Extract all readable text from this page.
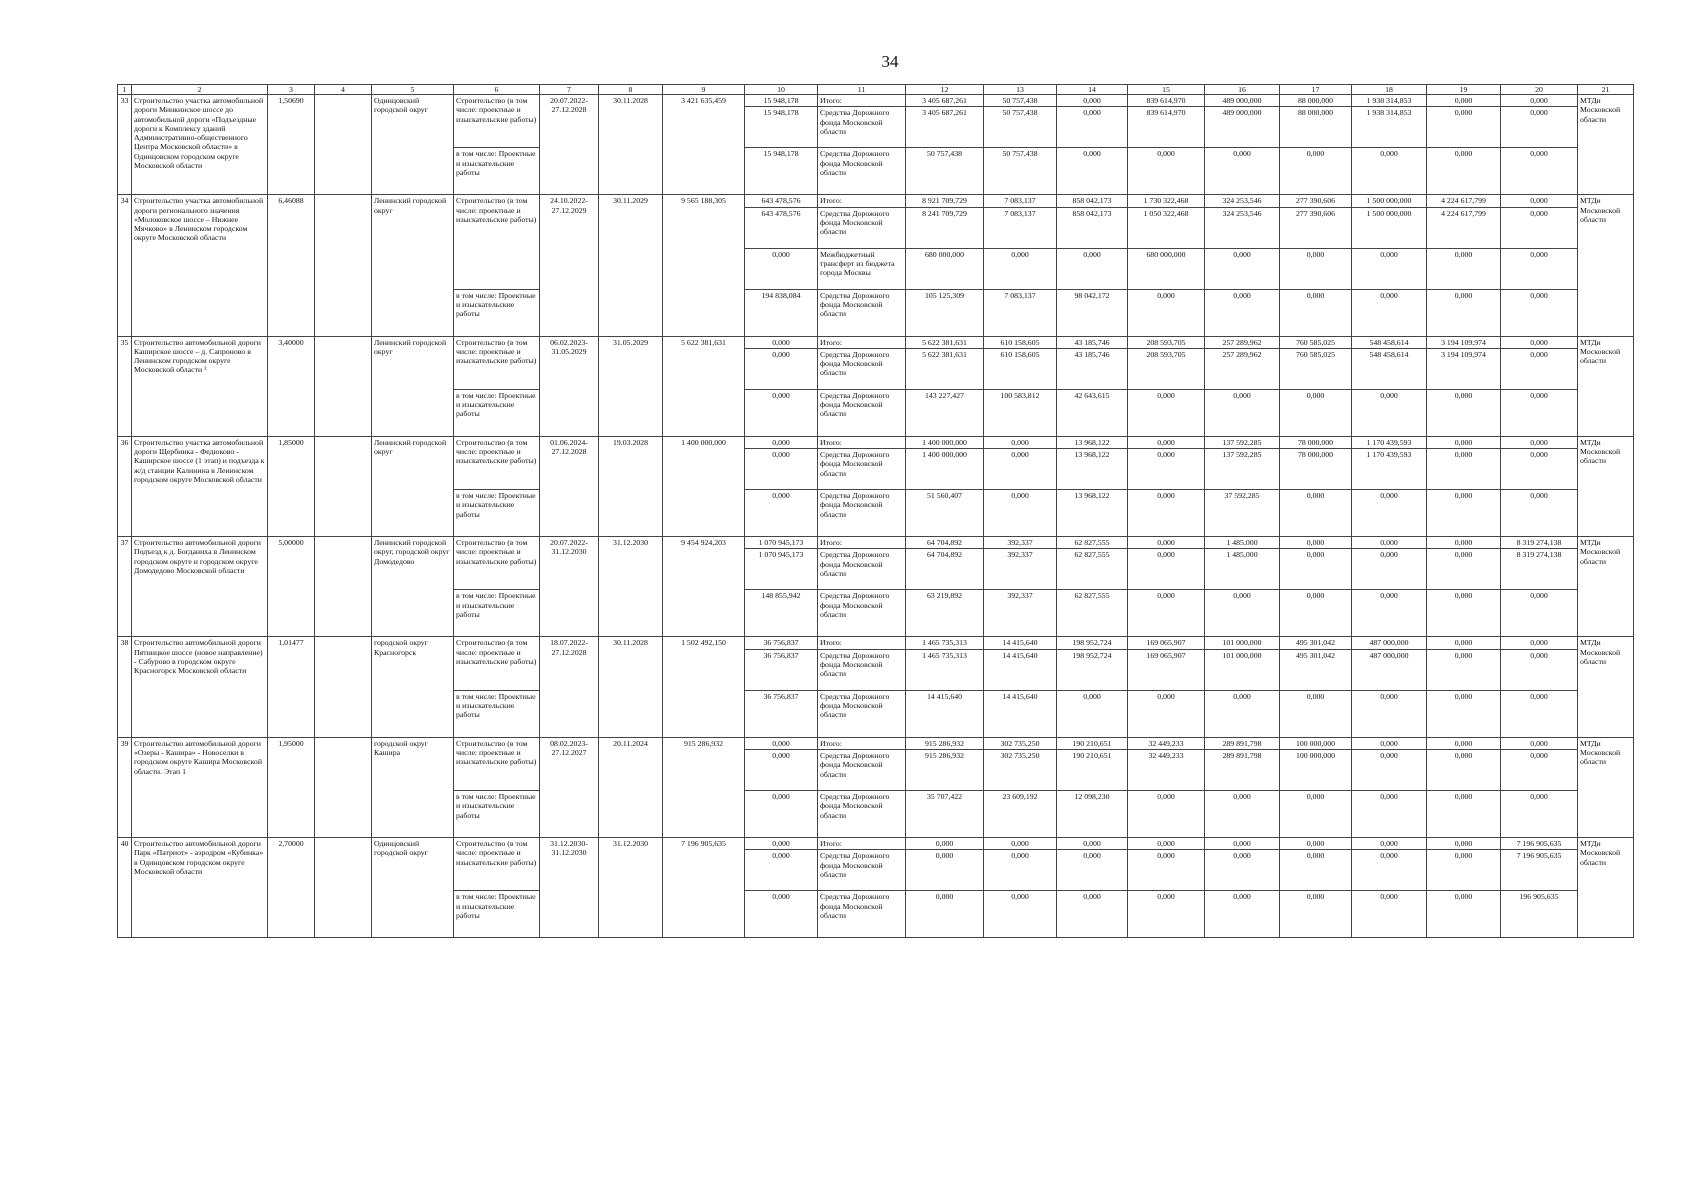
34
1	2	3	4	5	6	7	8	9	10	11	12	13	14	15	16	17	18	19	20	21
33	Строительство участка автомобильной дороги Минкинское шоссе до автомобильной дороги «Подъездные дороги к Комплексу зданий Административно-общественного Центра Московской области» в Одинцовском городском округе Московской области	1,50690		Одинцовский городской округ	Строительство (в том числе: проектные и изыскательские работы)	20.07.2022-27.12.2028	30.11.2028	3 421 635,459	15 948,178	Итого:	3 405 687,261	50 757,438	0,000	839 614,970	489 000,000	88 000,000	1 938 314,853	0,000	0,000	МТДи Московской области
									15 948,178	Средства Дорожного фонда Московской области	3 405 687,261	50 757,438	0,000	839 614,970	489 000,000	88 000,000	1 938 314,853	0,000	0,000	
					в том числе: Проектные и изыскательские работы				15 948,178	Средства Дорожного фонда Московской области	50 757,438	50 757,438	0,000	0,000	0,000	0,000	0,000	0,000	0,000	
34	Строительство участка автомобильной дороги регионального значения «Молоковское шоссе – Нижнее Мячково» в Ленинском городском округе Московской области	6,46088		Ленинский городской округ	Строительство (в том числе: проектные и изыскательские работы)	24.10.2022-27.12.2029	30.11.2029	9 565 188,305	643 478,576	Итого:	8 921 709,729	7 083,137	858 042,173	1 730 322,468	324 253,546	277 390,606	1 500 000,000	4 224 617,799	0,000	МТДи Московской области
									643 478,576	Средства Дорожного фонда Московской области	8 241 709,729	7 083,137	858 042,173	1 050 322,468	324 253,546	277 390,606	1 500 000,000	4 224 617,799	0,000	
									0,000	Межбюджетный трансферт из бюджета города Москвы	680 000,000	0,000	0,000	680 000,000	0,000	0,000	0,000	0,000	0,000	
					в том числе: Проектные и изыскательские работы				194 838,084	Средства Дорожного фонда Московской области	105 125,309	7 083,137	98 042,172	0,000	0,000	0,000	0,000	0,000	0,000	
35	Строительство автомобильной дороги Каширское шоссе – д. Сапроново в Ленинском городском округе Московской области ³	3,40000		Ленинский городской округ	Строительство (в том числе: проектные и изыскательские работы)	06.02.2023-31.05.2029	31.05.2029	5 622 381,631	0,000	Итого:	5 622 381,631	610 158,605	43 185,746	208 593,705	257 289,962	760 585,025	548 458,614	3 194 109,974	0,000	МТДи Московской области
									0,000	Средства Дорожного фонда Московской области	5 622 381,631	610 158,605	43 185,746	208 593,705	257 289,962	760 585,025	548 458,614	3 194 109,974	0,000	
					в том числе: Проектные и изыскательские работы				0,000	Средства Дорожного фонда Московской области	143 227,427	100 583,812	42 643,615	0,000	0,000	0,000	0,000	0,000	0,000	
36	Строительство участка автомобильной дороги Щербинка - Федюково - Каширское шоссе (1 этап) и подъезда к ж/д станции Калинина в Ленинском городском округе Московской области	1,85000		Ленинский городской округ	Строительство (в том числе: проектные и изыскательские работы)	01.06.2024-27.12.2028	19.03.2028	1 400 000,000	0,000	Итого:	1 400 000,000	0,000	13 968,122	0,000	137 592,285	78 000,000	1 170 439,593	0,000	0,000	МТДи Московской области
									0,000	Средства Дорожного фонда Московской области	1 400 000,000	0,000	13 968,122	0,000	137 592,285	78 000,000	1 170 439,593	0,000	0,000	
					в том числе: Проектные и изыскательские работы				0,000	Средства Дорожного фонда Московской области	51 560,407	0,000	13 968,122	0,000	37 592,285	0,000	0,000	0,000	0,000	
37	Строительство автомобильной дороги Подъезд к д. Богданиха в Ленинском городском округе и городском округе Домодедово Московской области	5,00000		Ленинский городской округ, городской округ Домодедово	Строительство (в том числе: проектные и изыскательские работы)	20.07.2022-31.12.2030	31.12.2030	9 454 924,203	1 070 945,173	Итого:	64 704,892	392,337	62 827,555	0,000	1 485,000	0,000	0,000	0,000	8 319 274,138	МТДи Московской области
									1 070 945,173	Средства Дорожного фонда Московской области	64 704,892	392,337	62 827,555	0,000	1 485,000	0,000	0,000	0,000	8 319 274,138	
					в том числе: Проектные и изыскательские работы				148 855,942	Средства Дорожного фонда Московской области	63 219,892	392,337	62 827,555	0,000	0,000	0,000	0,000	0,000	0,000	
38	Строительство автомобильной дороги Пятницкое шоссе (новое направление) - Сабурово в городском округе Красногорск Московской области	1,01477		городской округ Красногорск	Строительство (в том числе: проектные и изыскательские работы)	18.07.2022-27.12.2028	30.11.2028	1 502 492,150	36 756,837	Итого:	1 465 735,313	14 415,640	198 952,724	169 065,907	101 000,000	495 301,042	487 000,000	0,000	0,000	МТДи Московской области
									36 756,837	Средства Дорожного фонда Московской области	1 465 735,313	14 415,640	198 952,724	169 065,907	101 000,000	495 301,042	487 000,000	0,000	0,000	
					в том числе: Проектные и изыскательские работы				36 756,837	Средства Дорожного фонда Московской области	14 415,640	14 415,640	0,000	0,000	0,000	0,000	0,000	0,000	0,000	
39	Строительство автомобильной дороги «Озеры - Кашира» - Новоселки в городском округе Кашира Московской области. Этап 1	1,95000		городской округ Кашира	Строительство (в том числе: проектные и изыскательские работы)	08.02.2023-27.12.2027	20.11.2024	915 286,932	0,000	Итого:	915 286,932	302 735,250	190 210,651	32 449,233	289 891,798	100 000,000	0,000	0,000	0,000	МТДи Московской области
									0,000	Средства Дорожного фонда Московской области	915 286,932	302 735,250	190 210,651	32 449,233	289 891,798	100 000,000	0,000	0,000	0,000	
					в том числе: Проектные и изыскательские работы				0,000	Средства Дорожного фонда Московской области	35 707,422	23 609,192	12 098,230	0,000	0,000	0,000	0,000	0,000	0,000	
40	Строительство автомобильной дороги Парк «Патриот» - аэродром «Кубинка» в Одинцовском городском округе Московской области	2,70000		Одинцовский городской округ	Строительство (в том числе: проектные и изыскательские работы)	31.12.2030-31.12.2030	31.12.2030	7 196 905,635	0,000	Итого:	0,000	0,000	0,000	0,000	0,000	0,000	0,000	0,000	7 196 905,635	МТДи Московской области
									0,000	Средства Дорожного фонда Московской области	0,000	0,000	0,000	0,000	0,000	0,000	0,000	0,000	7 196 905,635	
					в том числе: Проектные и изыскательские работы				0,000	Средства Дорожного фонда Московской области	0,000	0,000	0,000	0,000	0,000	0,000	0,000	0,000	196 905,635	
